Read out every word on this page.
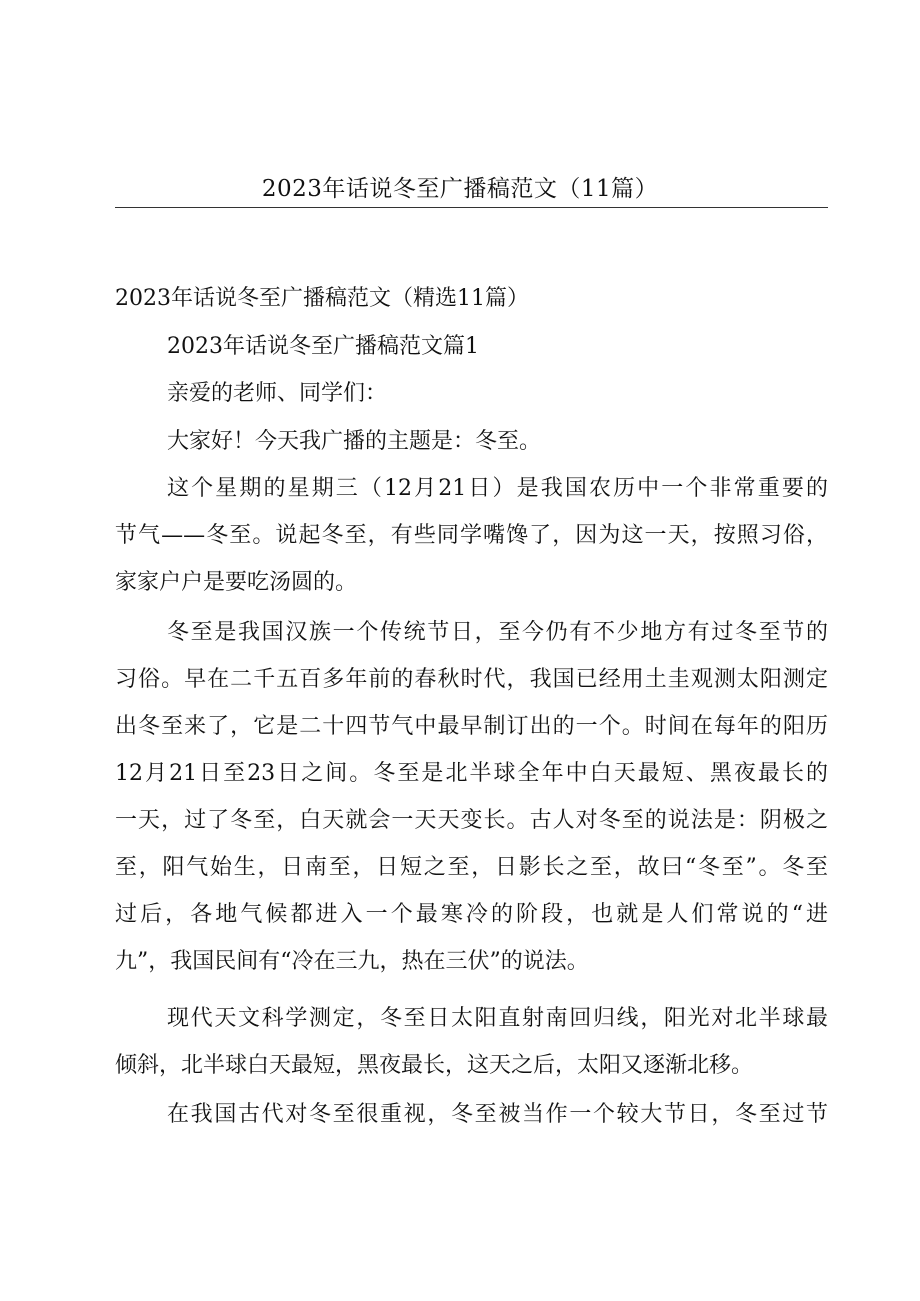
2023年话说冬至广播稿范文（11篇）
2023年话说冬至广播稿范文（精选11篇）
2023年话说冬至广播稿范文篇1
亲爱的老师、同学们：
大家好！今天我广播的主题是：冬至。
这个星期的星期三（12月21日）是我国农历中一个非常重要的
节气——冬至。说起冬至，有些同学嘴馋了，因为这一天，按照习俗，
家家户户是要吃汤圆的。
冬至是我国汉族一个传统节日，至今仍有不少地方有过冬至节的
习俗。早在二千五百多年前的春秋时代，我国已经用土圭观测太阳测定
出冬至来了，它是二十四节气中最早制订出的一个。时间在每年的阳历
12月21日至23日之间。冬至是北半球全年中白天最短、黑夜最长的
一天，过了冬至，白天就会一天天变长。古人对冬至的说法是：阴极之
至，阳气始生，日南至，日短之至，日影长之至，故曰“冬至”。冬至
过后，各地气候都进入一个最寒冷的阶段，也就是人们常说的“进
九”，我国民间有“冷在三九，热在三伏”的说法。
现代天文科学测定，冬至日太阳直射南回归线，阳光对北半球最
倾斜，北半球白天最短，黑夜最长，这天之后，太阳又逐渐北移。
在我国古代对冬至很重视，冬至被当作一个较大节日，冬至过节
